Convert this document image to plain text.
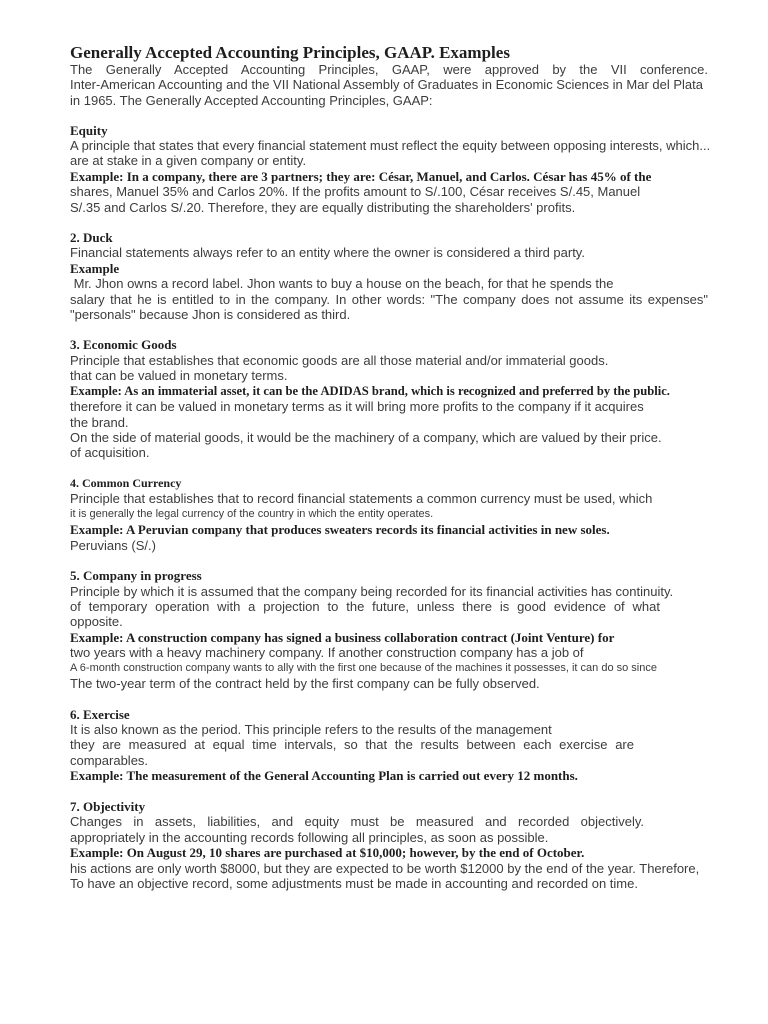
Generally Accepted Accounting Principles, GAAP. Examples
The Generally Accepted Accounting Principles, GAAP, were approved by the VII conference.
Inter-American Accounting and the VII National Assembly of Graduates in Economic Sciences in Mar del Plata
in 1965. The Generally Accepted Accounting Principles, GAAP:
Equity
A principle that states that every financial statement must reflect the equity between opposing interests, which...
are at stake in a given company or entity.
Example: In a company, there are 3 partners; they are: César, Manuel, and Carlos. César has 45% of the
shares, Manuel 35% and Carlos 20%. If the profits amount to S/.100, César receives S/.45, Manuel
S/.35 and Carlos S/.20. Therefore, they are equally distributing the shareholders' profits.
2. Duck
Financial statements always refer to an entity where the owner is considered a third party.
Example
Mr. Jhon owns a record label. Jhon wants to buy a house on the beach, for that he spends the
salary that he is entitled to in the company. In other words: "The company does not assume its expenses"
"personals" because Jhon is considered as third.
3. Economic Goods
Principle that establishes that economic goods are all those material and/or immaterial goods.
that can be valued in monetary terms.
Example: As an immaterial asset, it can be the ADIDAS brand, which is recognized and preferred by the public.
therefore it can be valued in monetary terms as it will bring more profits to the company if it acquires
the brand.
On the side of material goods, it would be the machinery of a company, which are valued by their price.
of acquisition.
4. Common Currency
Principle that establishes that to record financial statements a common currency must be used, which
it is generally the legal currency of the country in which the entity operates.
Example: A Peruvian company that produces sweaters records its financial activities in new soles.
Peruvians (S/.)
5. Company in progress
Principle by which it is assumed that the company being recorded for its financial activities has continuity.
of temporary operation with a projection to the future, unless there is good evidence of what
opposite.
Example: A construction company has signed a business collaboration contract (Joint Venture) for
two years with a heavy machinery company. If another construction company has a job of
A 6-month construction company wants to ally with the first one because of the machines it possesses, it can do so since
The two-year term of the contract held by the first company can be fully observed.
6. Exercise
It is also known as the period. This principle refers to the results of the management
they are measured at equal time intervals, so that the results between each exercise are
comparables.
Example: The measurement of the General Accounting Plan is carried out every 12 months.
7. Objectivity
Changes in assets, liabilities, and equity must be measured and recorded objectively.
appropriately in the accounting records following all principles, as soon as possible.
Example: On August 29, 10 shares are purchased at $10,000; however, by the end of October.
his actions are only worth $8000, but they are expected to be worth $12000 by the end of the year. Therefore,
To have an objective record, some adjustments must be made in accounting and recorded on time.
